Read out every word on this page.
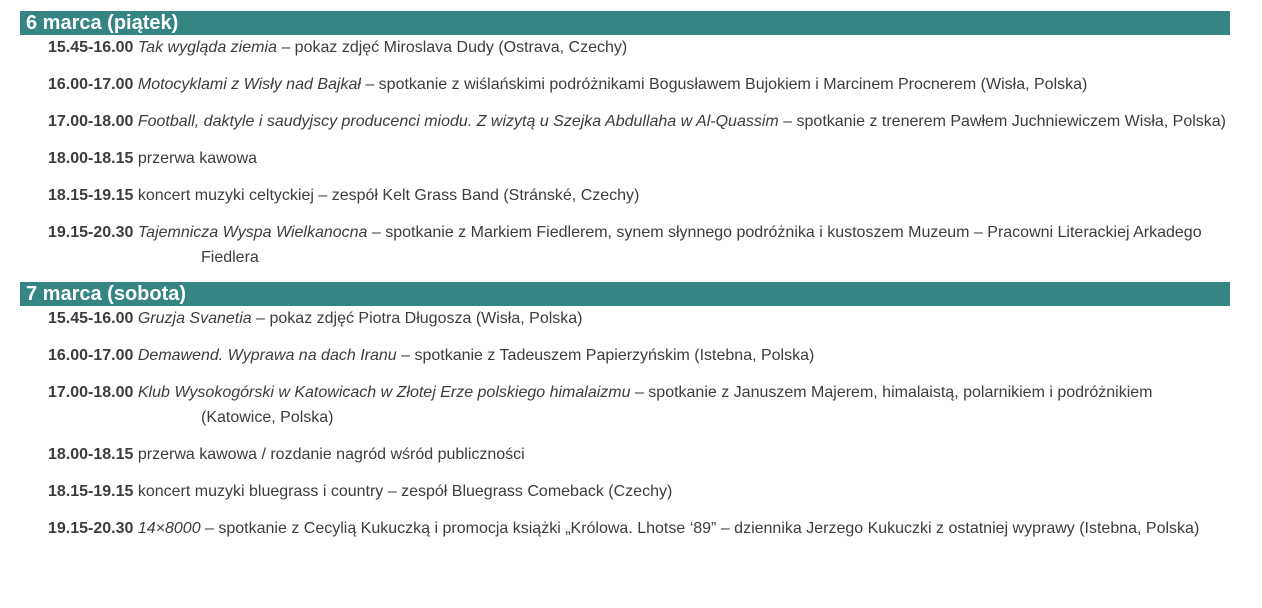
6 marca (piątek)
15.45-16.00 Tak wygląda ziemia – pokaz zdjęć Miroslava Dudy (Ostrava, Czechy)
16.00-17.00 Motocyklami z Wisły nad Bajkał – spotkanie z wiślańskimi podróżnikami Bogusławem Bujokiem i Marcinem Procnerem (Wisła, Polska)
17.00-18.00 Football, daktyle i saudyjscy producenci miodu. Z wizytą u Szejka Abdullaha w Al-Quassim – spotkanie z trenerem Pawłem Juchniewiczem Wisła, Polska)
18.00-18.15 przerwa kawowa
18.15-19.15 koncert muzyki celtyckiej – zespół Kelt Grass Band (Stránské, Czechy)
19.15-20.30 Tajemnicza Wyspa Wielkanocna – spotkanie z Markiem Fiedlerem, synem słynnego podróżnika i kustoszem Muzeum – Pracowni Literackiej Arkadego Fiedlera
7 marca (sobota)
15.45-16.00 Gruzja Svanetia – pokaz zdjęć Piotra Długosza (Wisła, Polska)
16.00-17.00 Demawend. Wyprawa na dach Iranu – spotkanie z Tadeuszem Papierzyńskim (Istebna, Polska)
17.00-18.00 Klub Wysokogórski w Katowicach w Złotej Erze polskiego himalaizmu – spotkanie z Januszem Majerem, himalaistą, polarnikiem i podróżnikiem (Katowice, Polska)
18.00-18.15 przerwa kawowa / rozdanie nagród wśród publiczności
18.15-19.15 koncert muzyki bluegrass i country – zespół Bluegrass Comeback (Czechy)
19.15-20.30 14×8000 – spotkanie z Cecylią Kukuczką i promocja książki „Królowa. Lhotse ‘89” – dziennika Jerzego Kukuczki z ostatniej wyprawy (Istebna, Polska)
